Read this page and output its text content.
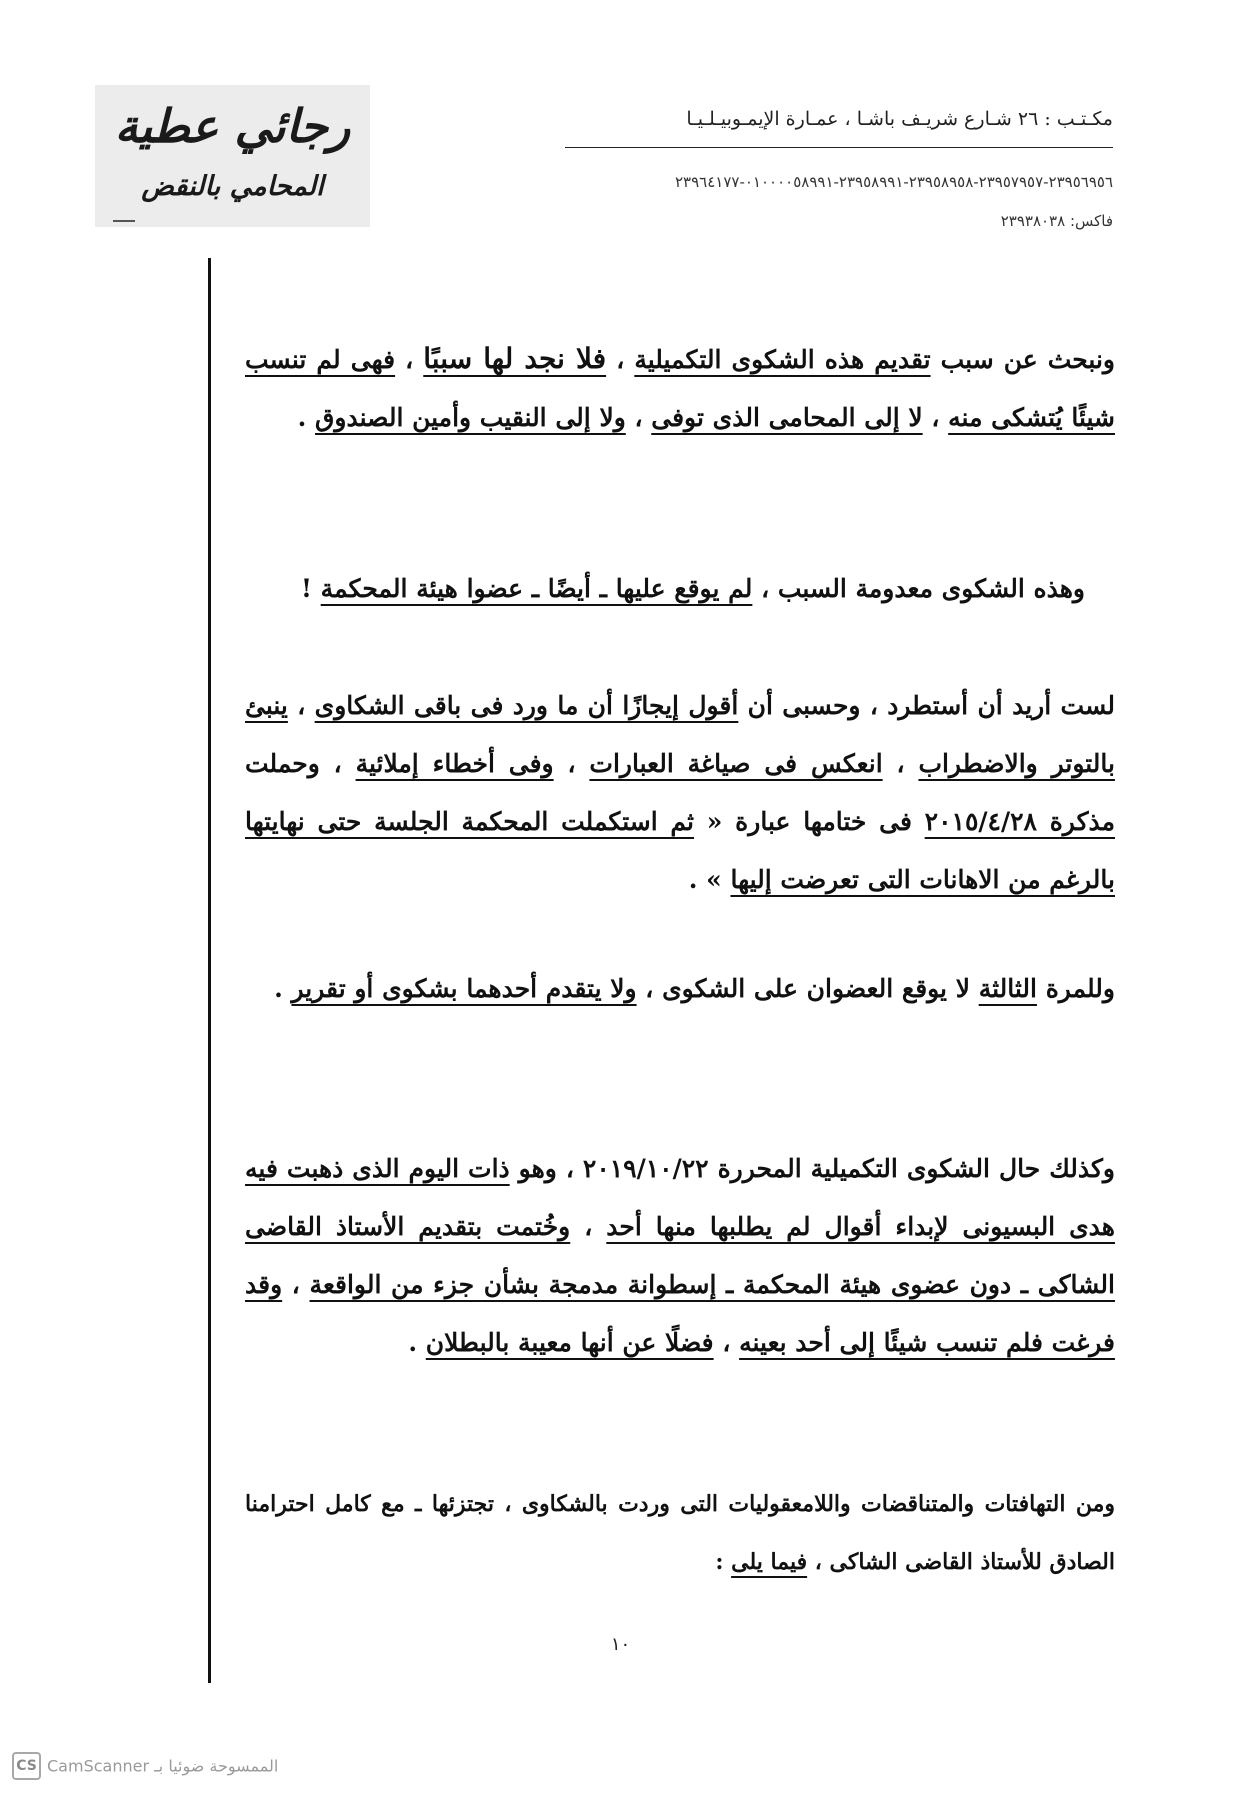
رجائي عطية
المحامي بالنقض
مكـتـب : ٢٦ شـارع شريـف باشـا ، عمـارة الإيمـوبيـلـيـا
٢٣٩٥٦٩٥٦-٢٣٩٥٧٩٥٧-٢٣٩٥٨٩٥٨-٢٣٩٥٨٩٩١-٠١٠٠٠٠٥٨٩٩١-٢٣٩٦٤١٧٧
فاكس: ٢٣٩٣٨٠٣٨
ونبحث عن سبب تقديم هذه الشكوى التكميلية ، فلا نجد لها سببًا ، فهى لم تنسب شيئًا يُتشكى منه ، لا إلى المحامى الذى توفى ، ولا إلى النقيب وأمين الصندوق .
وهذه الشكوى معدومة السبب ، لم يوقع عليها ـ أيضًا ـ عضوا هيئة المحكمة !
لست أريد أن أستطرد ، وحسبى أن أقول إيجازًا أن ما ورد فى باقى الشكاوى ، ينبئ بالتوتر والاضطراب ، انعكس فى صياغة العبارات ، وفى أخطاء إملائية ، وحملت مذكرة ٢٠١٥/٤/٢٨ فى ختامها عبارة « ثم استكملت المحكمة الجلسة حتى نهايتها بالرغم من الاهانات التى تعرضت إليها » .
وللمرة الثالثة لا يوقع العضوان على الشكوى ، ولا يتقدم أحدهما بشكوى أو تقرير .
وكذلك حال الشكوى التكميلية المحررة ٢٠١٩/١٠/٢٢ ، وهو ذات اليوم الذى ذهبت فيه هدى البسيونى لإبداء أقوال لم يطلبها منها أحد ، وخُتمت بتقديم الأستاذ القاضى الشاكى ـ دون عضوى هيئة المحكمة ـ إسطوانة مدمجة بشأن جزء من الواقعة ، وقد فرغت فلم تنسب شيئًا إلى أحد بعينه ، فضلًا عن أنها معيبة بالبطلان .
ومن التهافتات والمتناقضات واللامعقوليات التى وردت بالشكاوى ، تجتزئها ـ مع كامل احترامنا الصادق للأستاذ القاضى الشاكى ، فيما يلى :
١٠
CS CamScanner الممسوحة ضوئيا بـ
